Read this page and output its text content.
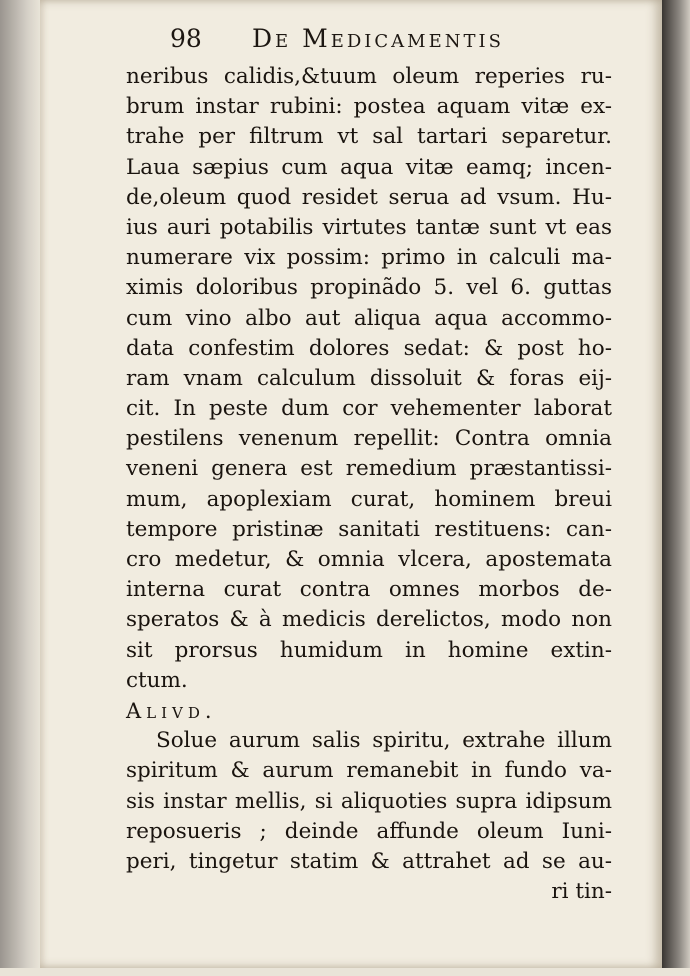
98 De Medicamentis
neribus calidis,&tuum oleum reperies ru-
brum instar rubini: postea aquam vitæ ex-
trahe per filtrum vt sal tartari separetur.
Laua sæpius cum aqua vitæ eamq; incen-
de,oleum quod residet serua ad vsum. Hu-
ius auri potabilis virtutes tantæ sunt vt eas
numerare vix possim: primo in calculi ma-
ximis doloribus propinãdo 5. vel 6. guttas
cum vino albo aut aliqua aqua accommo-
data confestim dolores sedat: & post ho-
ram vnam calculum dissoluit & foras eij-
cit. In peste dum cor vehementer laborat
pestilens venenum repellit: Contra omnia
veneni genera est remedium præstantissi-
mum, apoplexiam curat, hominem breui
tempore pristinæ sanitati restituens: can-
cro medetur, & omnia vlcera, apostemata
interna curat contra omnes morbos de-
speratos & à medicis derelictos, modo non
sit prorsus humidum in homine extin-
ctum.
Alivd.
Solue aurum salis spiritu, extrahe illum
spiritum & aurum remanebit in fundo va-
sis instar mellis, si aliquoties supra idipsum
reposueris ; deinde affunde oleum Iuni-
peri, tingetur statim & attrahet ad se au-
ri tin-
